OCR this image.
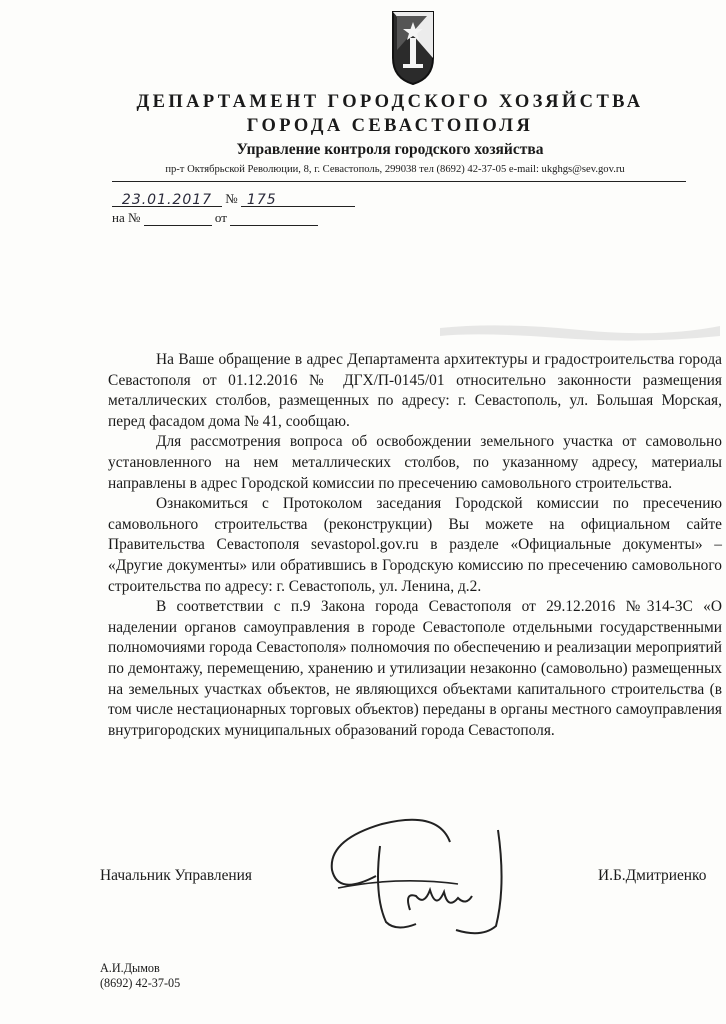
ДЕПАРТАМЕНТ ГОРОДСКОГО ХОЗЯЙСТВА
ГОРОДА СЕВАСТОПОЛЯ
Управление контроля городского хозяйства
пр-т Октябрьской Революции, 8, г. Севастополь, 299038 тел (8692) 42-37-05 e-mail: ukghgs@sev.gov.ru
23.01.2017 № 175
на №	от

На Ваше обращение в адрес Департамента архитектуры и градостроительства города Севастополя от 01.12.2016 № ДГХ/П-0145/01 относительно законности размещения металлических столбов, размещенных по адресу: г. Севастополь, ул. Большая Морская, перед фасадом дома № 41, сообщаю.

Для рассмотрения вопроса об освобождении земельного участка от самовольно установленного на нем металлических столбов, по указанному адресу, материалы направлены в адрес Городской комиссии по пресечению самовольного строительства.

Ознакомиться с Протоколом заседания Городской комиссии по пресечению самовольного строительства (реконструкции) Вы можете на официальном сайте Правительства Севастополя sevastopol.gov.ru в разделе «Официальные документы» – «Другие документы» или обратившись в Городскую комиссию по пресечению самовольного строительства по адресу: г. Севастополь, ул. Ленина, д.2.

В соответствии с п.9 Закона города Севастополя от 29.12.2016 №314-ЗС «О наделении органов самоуправления в городе Севастополе отдельными государственными полномочиями города Севастополя» полномочия по обеспечению и реализации мероприятий по демонтажу, перемещению, хранению и утилизации незаконно (самовольно) размещенных на земельных участках объектов, не являющихся объектами капитального строительства (в том числе нестационарных торговых объектов) переданы в органы местного самоуправления внутригородских муниципальных образований города Севастополя.

Начальник Управления	И.Б.Дмитриенко
А.И.Дымов
(8692) 42-37-05
